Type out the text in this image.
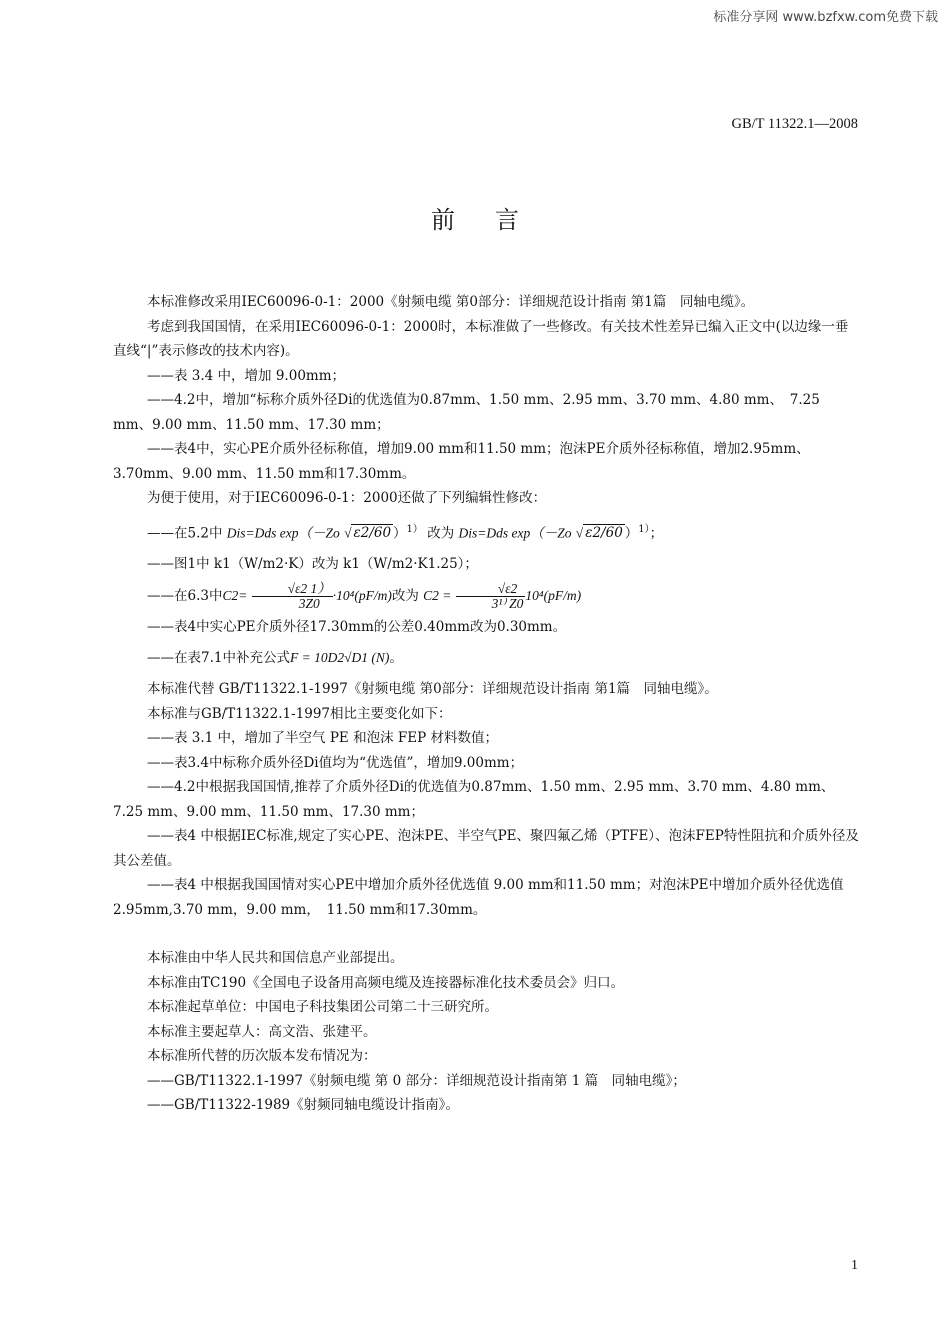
标准分享网 www.bzfxw.com免费下载
GB/T 11322.1—2008
前言

本标准修改采用IEC60096-0-1：2000《射频电缆 第0部分：详细规范设计指南 第1篇　同轴电缆》。

考虑到我国国情，在采用IEC60096-0-1：2000时，本标准做了一些修改。有关技术性差异已编入正文中(以边缘一垂直线“|”表示修改的技术内容)。

——表 3.4 中，增加 9.00mm；

——4.2中，增加“标称介质外径Di的优选值为0.87mm、1.50 mm、2.95 mm、3.70 mm、4.80 mm、　7.25 mm、9.00 mm、11.50 mm、17.30 mm；

——表4中，实心PE介质外径标称值，增加9.00 mm和11.50 mm；泡沫PE介质外径标称值，增加2.95mm、3.70mm、9.00 mm、11.50 mm和17.30mm。

为便于使用，对于IEC60096-0-1：2000还做了下列编辑性修改：

——在5.2中 Dis=Dds exp（－Zo √ ε2/60 ）$^{1)}$ 改为 Dis=Dds exp（－Zo √ ε2/60 ）$^{1)}$；

——图1中 k1（W/m2·K）改为 k1（W/m2·K1.25）；

——在6.3中$C2= \frac{√\varepsilon 2 1)}{3Z0} \cdot 10^4(pF/m)$改为 $C2 = \frac{√\varepsilon 2}{\text{3¹⁾ Z0}} 10^4(pF/m)$

——表4中实心PE介质外径17.30mm的公差0.40mm改为0.30mm。

——在表7.1中补充公式F = 10D2√D1 (N)。

本标准代替 GB/T11322.1-1997《射频电缆 第0部分：详细规范设计指南 第1篇　同轴电缆》。

本标准与GB/T11322.1-1997相比主要变化如下：

——表 3.1 中，增加了半空气 PE 和泡沫 FEP 材料数值；

——表3.4中标称介质外径Di值均为“优选值”，增加9.00mm；

——4.2中根据我国国情,推荐了介质外径Di的优选值为0.87mm、1.50 mm、2.95 mm、3.70 mm、4.80 mm、7.25 mm、9.00 mm、11.50 mm、17.30 mm；

——表4 中根据IEC标准,规定了实心PE、泡沫PE、半空气PE、聚四氟乙烯（PTFE）、泡沫FEP特性阻抗和介质外径及其公差值。

——表4 中根据我国国情对实心PE中增加介质外径优选值 9.00 mm和11.50 mm；对泡沫PE中增加介质外径优选值2.95mm,3.70 mm，9.00 mm，　11.50 mm和17.30mm。

本标准由中华人民共和国信息产业部提出。

本标准由TC190《全国电子设备用高频电缆及连接器标准化技术委员会》归口。

本标准起草单位：中国电子科技集团公司第二十三研究所。

本标准主要起草人：高文浩、张建平。

本标准所代替的历次版本发布情况为：

——GB/T11322.1-1997《射频电缆 第 0 部分：详细规范设计指南第 1 篇　同轴电缆》；

——GB/T11322-1989《射频同轴电缆设计指南》。

1
